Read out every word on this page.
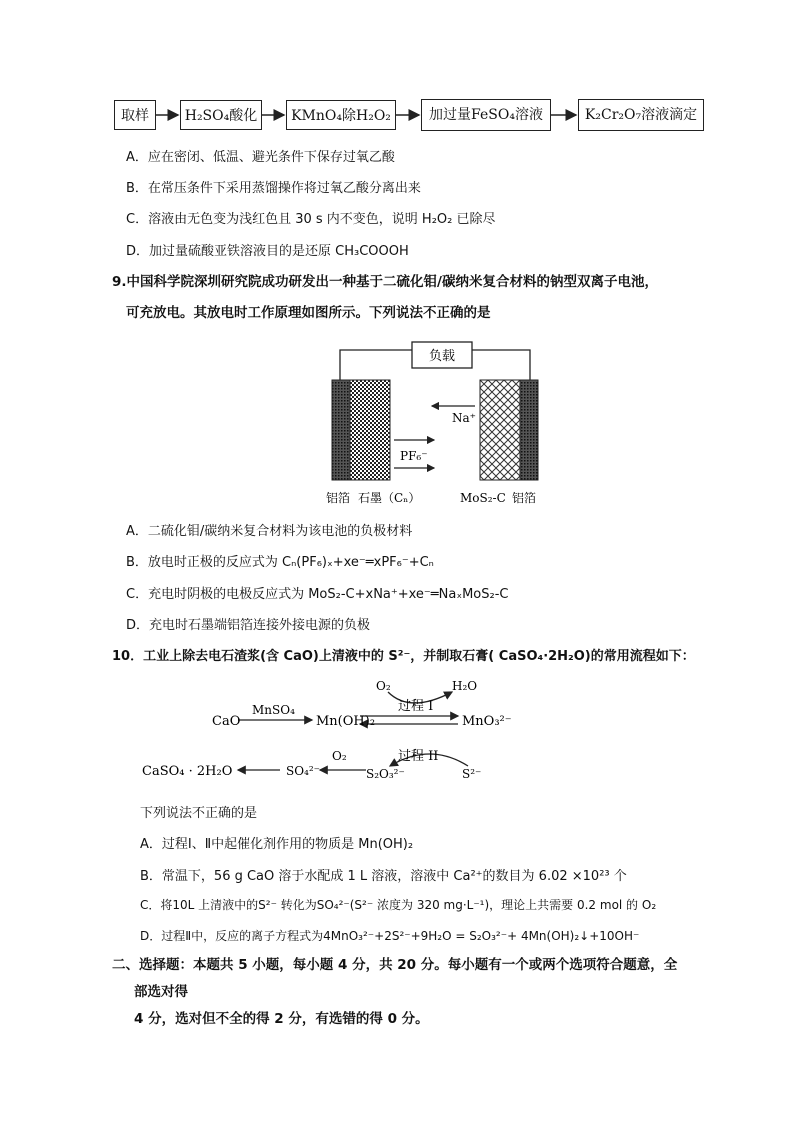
取样	H₂SO₄酸化	KMnO₄除H₂O₂	加过量FeSO₄溶液	K₂Cr₂O₇溶液滴定
A．应在密闭、低温、避光条件下保存过氧乙酸
B．在常压条件下采用蒸馏操作将过氧乙酸分离出来
C．溶液由无色变为浅红色且 30 s 内不变色，说明 H₂O₂ 已除尽
D．加过量硫酸亚铁溶液目的是还原 CH₃COOOH
9.中国科学院深圳研究院成功研发出一种基于二硫化钼/碳纳米复合材料的钠型双离子电池，
可充放电。其放电时工作原理如图所示。下列说法不正确的是
负载
Na⁺
PF₆⁻
铝箔 石墨（Cₙ）	MoS₂-C 铝箔
A．二硫化钼/碳纳米复合材料为该电池的负极材料
B．放电时正极的反应式为 Cₙ(PF₆)ₓ+xe⁻═xPF₆⁻+Cₙ
C．充电时阴极的电极反应式为 MoS₂-C+xNa⁺+xe⁻═NaₓMoS₂-C
D．充电时石墨端铝箔连接外接电源的负极
10．工业上除去电石渣浆(含 CaO)上清液中的 S²⁻，并制取石膏( CaSO₄·2H₂O)的常用流程如下：
CaO
MnSO₄
Mn(OH)₂
O₂	H₂O
过程 I
MnO₃²⁻
过程 II
CaSO₄ · 2H₂O	SO₄²⁻
O₂
S₂O₃²⁻	S²⁻
下列说法不正确的是
A．过程Ⅰ、Ⅱ中起催化剂作用的物质是 Mn(OH)₂
B．常温下，56 g CaO 溶于水配成 1 L 溶液，溶液中 Ca²⁺的数目为 6.02 ×10²³ 个
C．将10L 上清液中的S²⁻ 转化为SO₄²⁻(S²⁻ 浓度为 320 mg·L⁻¹)，理论上共需要 0.2 mol 的 O₂
D．过程Ⅱ中，反应的离子方程式为4MnO₃²⁻+2S²⁻+9H₂O = S₂O₃²⁻+ 4Mn(OH)₂↓+10OH⁻
二、选择题：本题共 5 小题，每小题 4 分，共 20 分。每小题有一个或两个选项符合题意，全
部选对得
4 分，选对但不全的得 2 分，有选错的得 0 分。
